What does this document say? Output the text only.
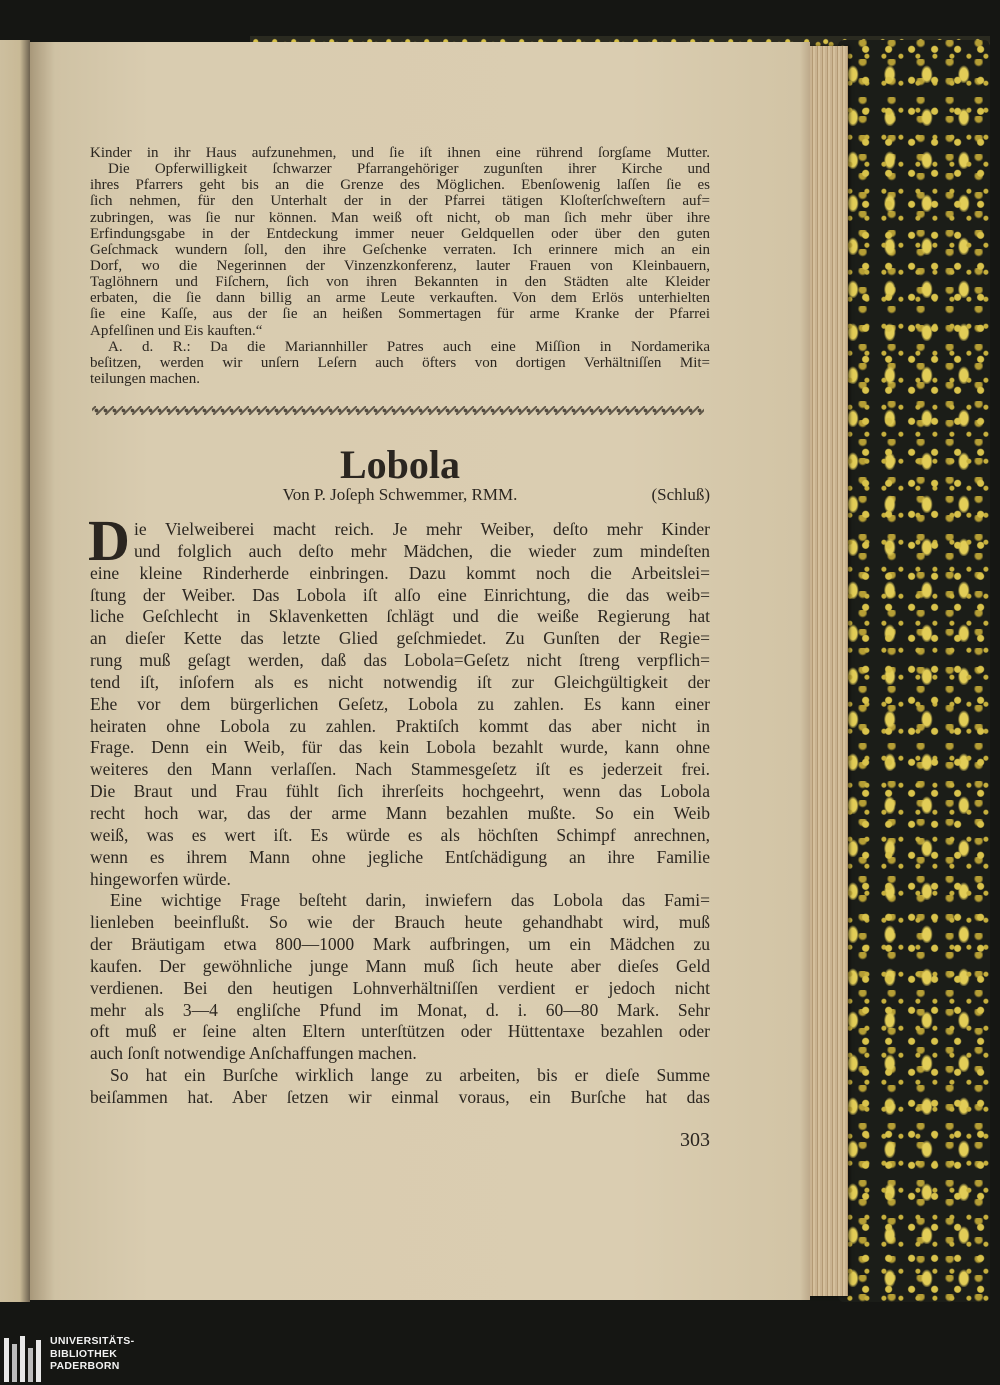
Kinder in ihr Haus aufzunehmen, und ſie iſt ihnen eine rührend ſorgſame Mutter.
Die Opferwilligkeit ſchwarzer Pfarrangehöriger zugunſten ihrer Kirche und
ihres Pfarrers geht bis an die Grenze des Möglichen. Ebenſowenig laſſen ſie es
ſich nehmen, für den Unterhalt der in der Pfarrei tätigen Kloſterſchweſtern auf=
zubringen, was ſie nur können. Man weiß oft nicht, ob man ſich mehr über ihre
Erfindungsgabe in der Entdeckung immer neuer Geldquellen oder über den guten
Geſchmack wundern ſoll, den ihre Geſchenke verraten. Ich erinnere mich an ein
Dorf, wo die Negerinnen der Vinzenzkonferenz, lauter Frauen von Kleinbauern,
Taglöhnern und Fiſchern, ſich von ihren Bekannten in den Städten alte Kleider
erbaten, die ſie dann billig an arme Leute verkauften. Von dem Erlös unterhielten
ſie eine Kaſſe, aus der ſie an heißen Sommertagen für arme Kranke der Pfarrei
Apfelſinen und Eis kauften.“
A. d. R.: Da die Mariannhiller Patres auch eine Miſſion in Nordamerika
beſitzen, werden wir unſern Leſern auch öfters von dortigen Verhältniſſen Mit=
teilungen machen.
Lobola
Von P. Joſeph Schwemmer, RMM.	(Schluß)
D ie Vielweiberei macht reich. Je mehr Weiber, deſto mehr Kinder
und folglich auch deſto mehr Mädchen, die wieder zum mindeſten
eine kleine Rinderherde einbringen. Dazu kommt noch die Arbeitslei=
ſtung der Weiber. Das Lobola iſt alſo eine Einrichtung, die das weib=
liche Geſchlecht in Sklavenketten ſchlägt und die weiße Regierung hat
an dieſer Kette das letzte Glied geſchmiedet. Zu Gunſten der Regie=
rung muß geſagt werden, daß das Lobola=Geſetz nicht ſtreng verpflich=
tend iſt, inſofern als es nicht notwendig iſt zur Gleichgültigkeit der
Ehe vor dem bürgerlichen Geſetz, Lobola zu zahlen. Es kann einer
heiraten ohne Lobola zu zahlen. Praktiſch kommt das aber nicht in
Frage. Denn ein Weib, für das kein Lobola bezahlt wurde, kann ohne
weiteres den Mann verlaſſen. Nach Stammesgeſetz iſt es jederzeit frei.
Die Braut und Frau fühlt ſich ihrerſeits hochgeehrt, wenn das Lobola
recht hoch war, das der arme Mann bezahlen mußte. So ein Weib
weiß, was es wert iſt. Es würde es als höchſten Schimpf anrechnen,
wenn es ihrem Mann ohne jegliche Entſchädigung an ihre Familie
hingeworfen würde.
Eine wichtige Frage beſteht darin, inwiefern das Lobola das Fami=
lienleben beeinflußt. So wie der Brauch heute gehandhabt wird, muß
der Bräutigam etwa 800—1000 Mark aufbringen, um ein Mädchen zu
kaufen. Der gewöhnliche junge Mann muß ſich heute aber dieſes Geld
verdienen. Bei den heutigen Lohnverhältniſſen verdient er jedoch nicht
mehr als 3—4 engliſche Pfund im Monat, d. i. 60—80 Mark. Sehr
oft muß er ſeine alten Eltern unterſtützen oder Hüttentaxe bezahlen oder
auch ſonſt notwendige Anſchaffungen machen.
So hat ein Burſche wirklich lange zu arbeiten, bis er dieſe Summe
beiſammen hat. Aber ſetzen wir einmal voraus, ein Burſche hat das
303
UNIVERSITÄTS-
BIBLIOTHEK
PADERBORN
